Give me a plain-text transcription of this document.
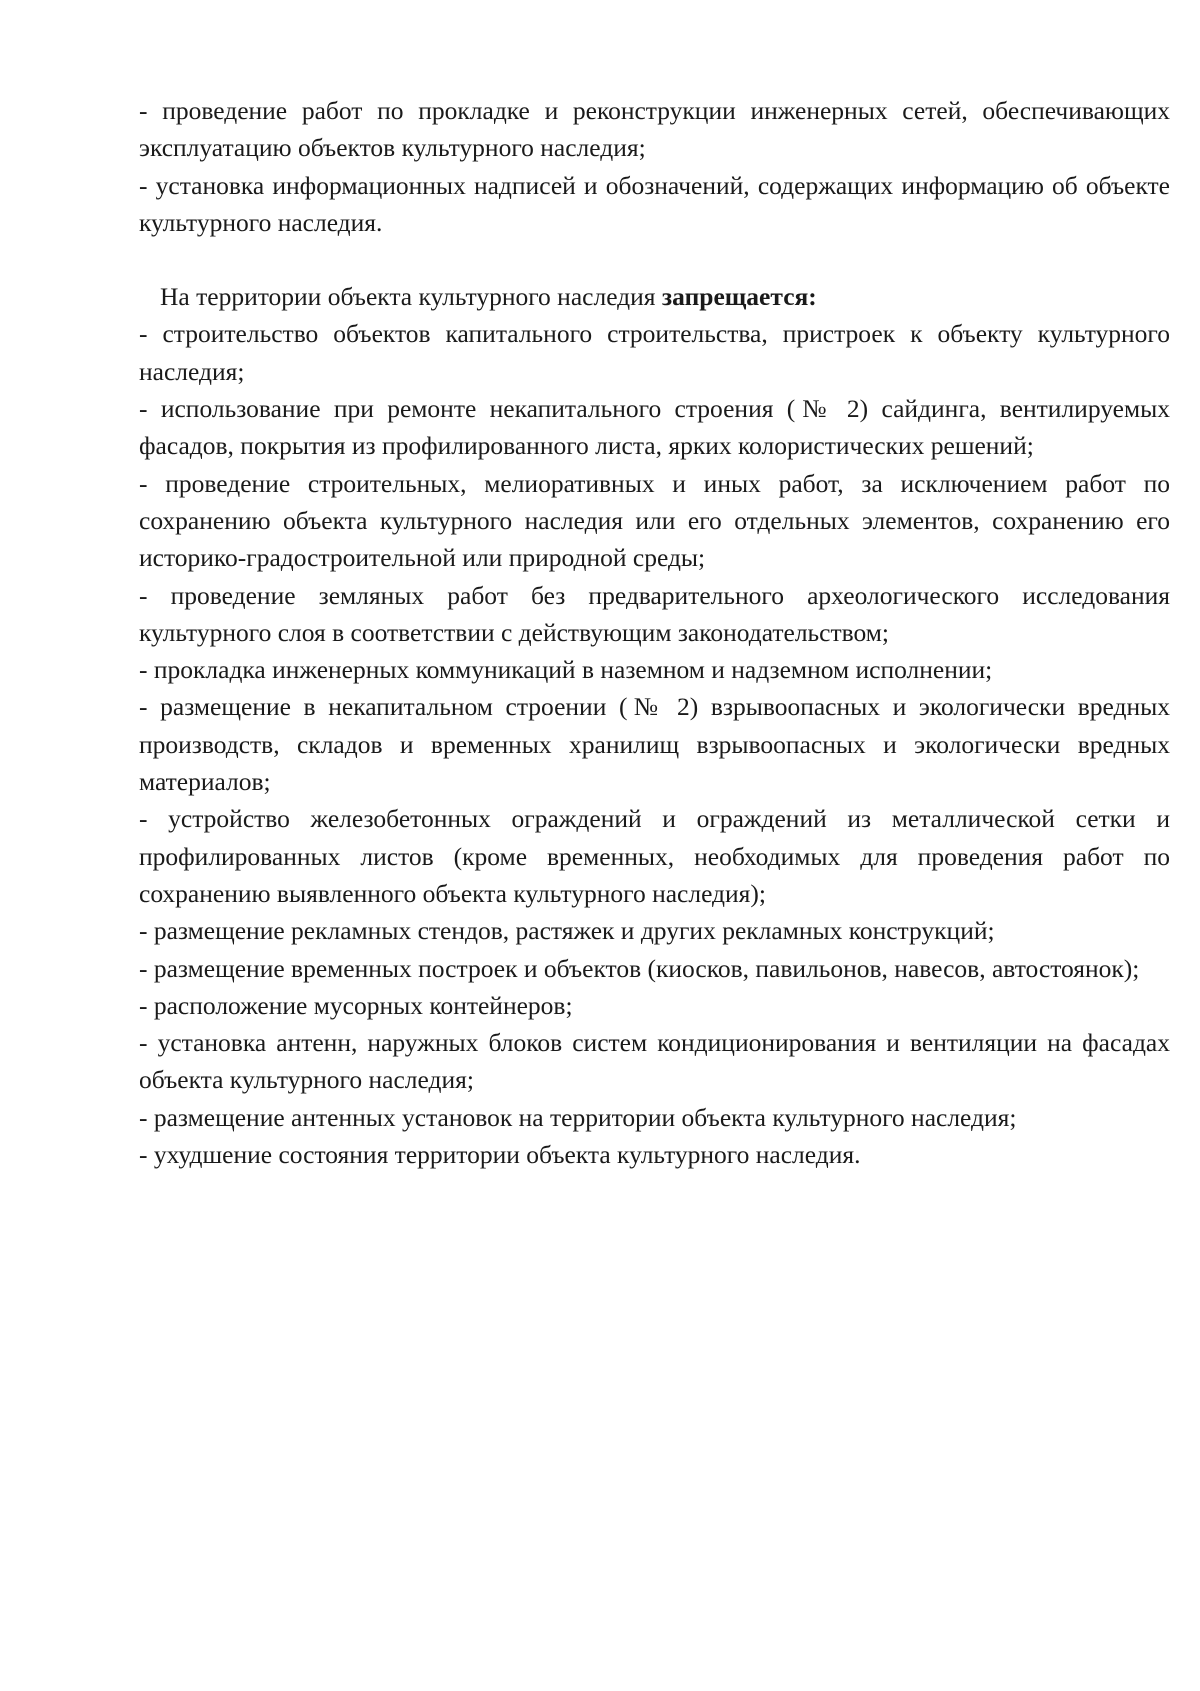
- проведение работ по прокладке и реконструкции инженерных сетей, обеспечивающих эксплуатацию объектов культурного наследия;

- установка информационных надписей и обозначений, содержащих информацию об объекте культурного наследия.

На территории объекта культурного наследия запрещается:

- строительство объектов капитального строительства, пристроек к объекту культурного наследия;

- использование при ремонте некапитального строения (№ 2) сайдинга, вентилируемых фасадов, покрытия из профилированного листа, ярких колористических решений;

- проведение строительных, мелиоративных и иных работ, за исключением работ по сохранению объекта культурного наследия или его отдельных элементов, сохранению его историко-градостроительной или природной среды;

- проведение земляных работ без предварительного археологического исследования культурного слоя в соответствии с действующим законодательством;

- прокладка инженерных коммуникаций в наземном и надземном исполнении;

- размещение в некапитальном строении (№ 2) взрывоопасных и экологически вредных производств, складов и временных хранилищ взрывоопасных и экологически вредных материалов;

- устройство железобетонных ограждений и ограждений из металлической сетки и профилированных листов (кроме временных, необходимых для проведения работ по сохранению выявленного объекта культурного наследия);

- размещение рекламных стендов, растяжек и других рекламных конструкций;

- размещение временных построек и объектов (киосков, павильонов, навесов, автостоянок);

- расположение мусорных контейнеров;

- установка антенн, наружных блоков систем кондиционирования и вентиляции на фасадах объекта культурного наследия;

- размещение антенных установок на территории объекта культурного наследия;

- ухудшение состояния территории объекта культурного наследия.
